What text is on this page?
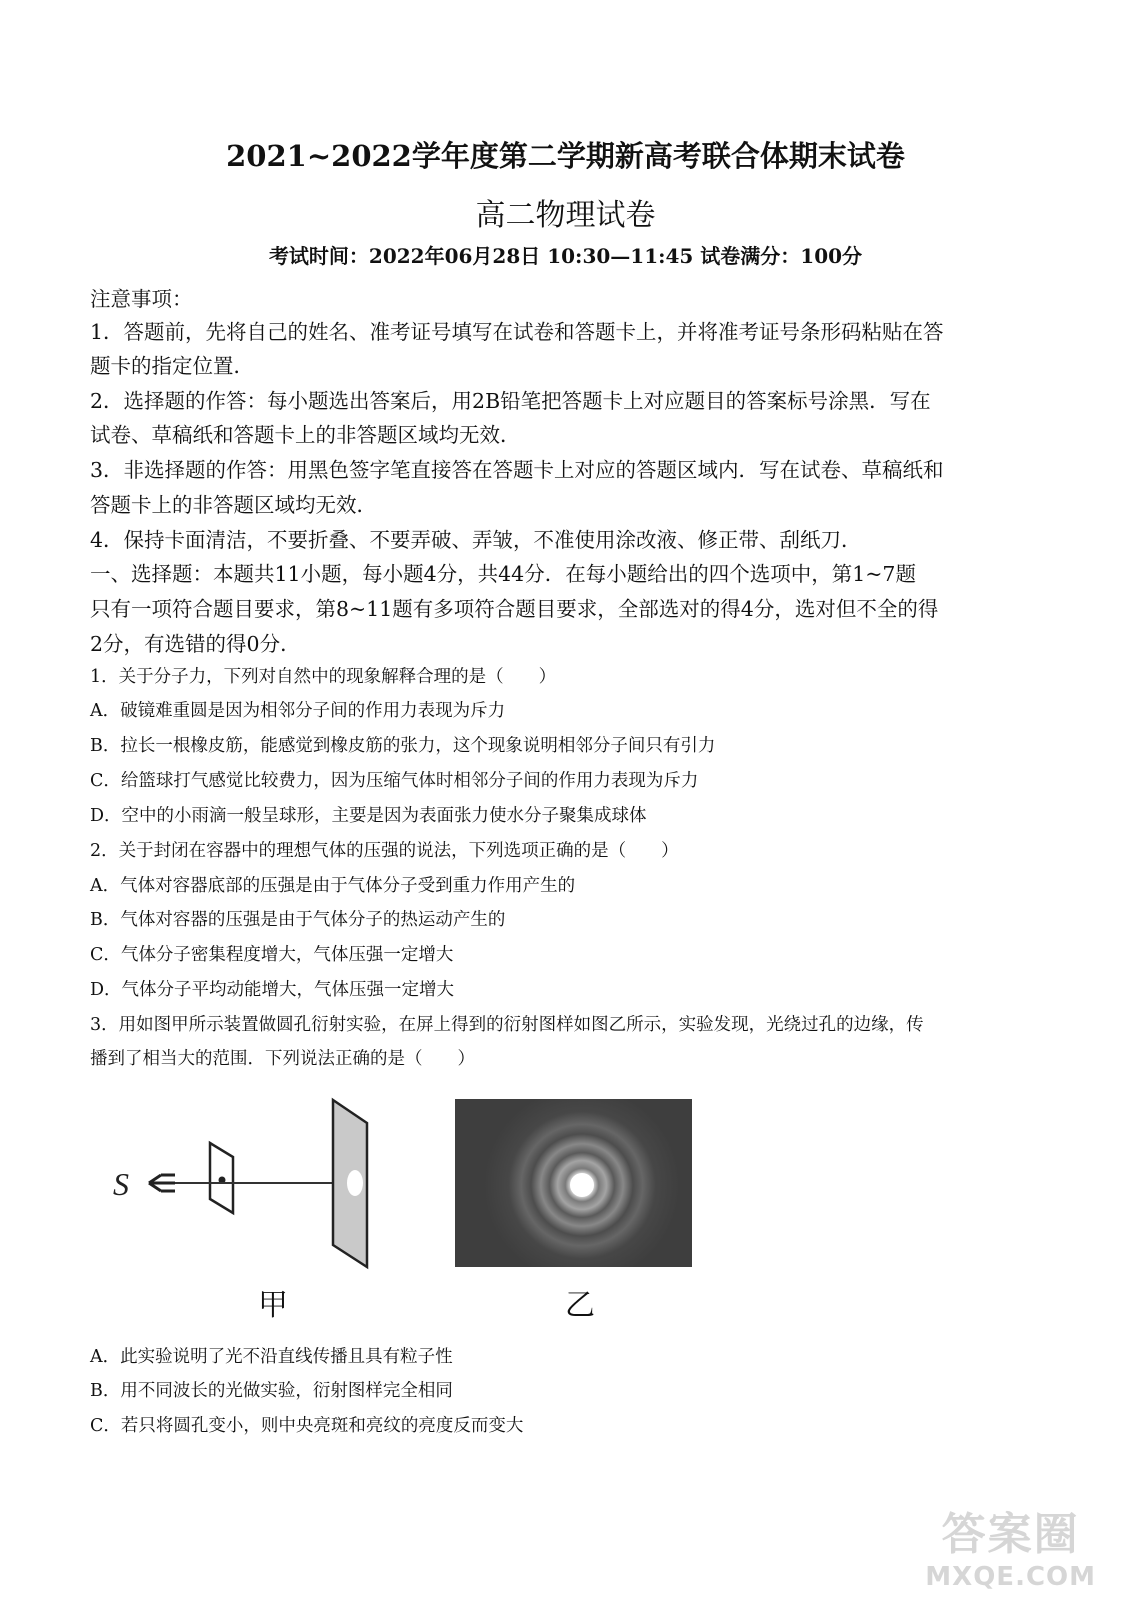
2021~2022学年度第二学期新高考联合体期末试卷
高二物理试卷
考试时间：2022年06月28日 10:30—11:45 试卷满分：100分
注意事项：
1．答题前，先将自己的姓名、准考证号填写在试卷和答题卡上，并将准考证号条形码粘贴在答
题卡的指定位置．
2．选择题的作答：每小题选出答案后，用2B铅笔把答题卡上对应题目的答案标号涂黑．写在
试卷、草稿纸和答题卡上的非答题区域均无效．
3．非选择题的作答：用黑色签字笔直接答在答题卡上对应的答题区域内．写在试卷、草稿纸和
答题卡上的非答题区域均无效．
4．保持卡面清洁，不要折叠、不要弄破、弄皱，不准使用涂改液、修正带、刮纸刀．
一、选择题：本题共11小题，每小题4分，共44分．在每小题给出的四个选项中，第1~7题
只有一项符合题目要求，第8~11题有多项符合题目要求，全部选对的得4分，选对但不全的得
2分，有选错的得0分．
1．关于分子力，下列对自然中的现象解释合理的是（　　）
A．破镜难重圆是因为相邻分子间的作用力表现为斥力
B．拉长一根橡皮筋，能感觉到橡皮筋的张力，这个现象说明相邻分子间只有引力
C．给篮球打气感觉比较费力，因为压缩气体时相邻分子间的作用力表现为斥力
D．空中的小雨滴一般呈球形，主要是因为表面张力使水分子聚集成球体
2．关于封闭在容器中的理想气体的压强的说法，下列选项正确的是（　　）
A．气体对容器底部的压强是由于气体分子受到重力作用产生的
B．气体对容器的压强是由于气体分子的热运动产生的
C．气体分子密集程度增大，气体压强一定增大
D．气体分子平均动能增大，气体压强一定增大
3．用如图甲所示装置做圆孔衍射实验，在屏上得到的衍射图样如图乙所示，实验发现，光绕过孔的边缘，传
播到了相当大的范围．下列说法正确的是（　　）
S
甲	乙
A．此实验说明了光不沿直线传播且具有粒子性
B．用不同波长的光做实验，衍射图样完全相同
C．若只将圆孔变小，则中央亮斑和亮纹的亮度反而变大
答案圈
MXQE.COM
